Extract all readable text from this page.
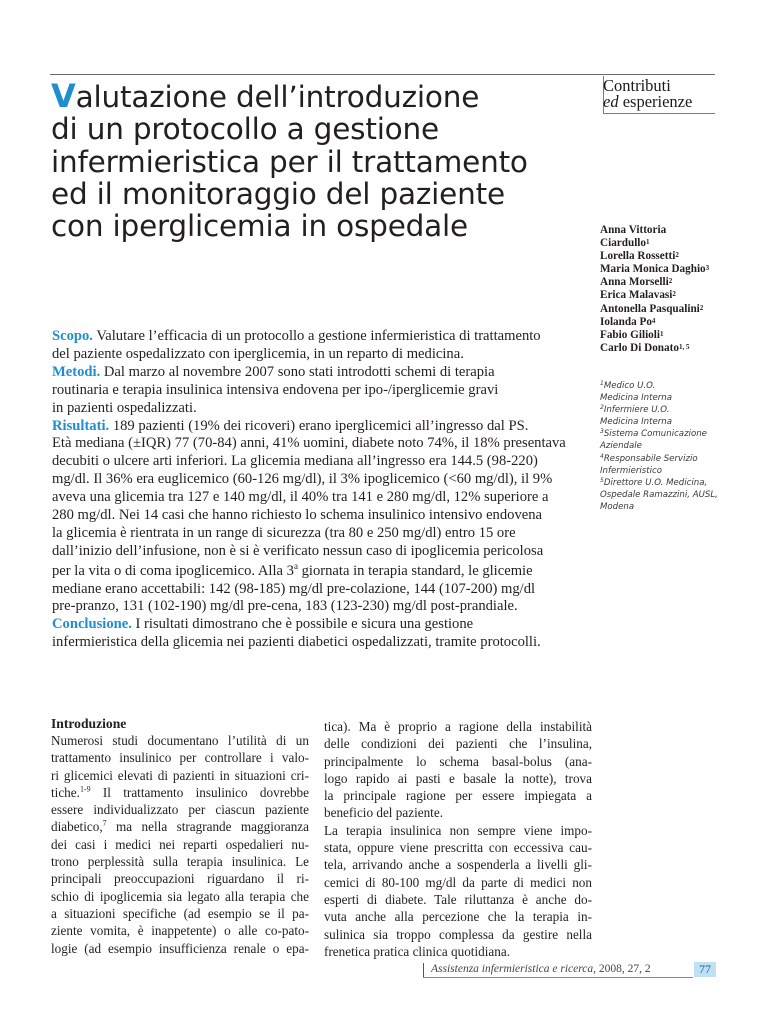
Contributi
ed esperienze
Valutazione dell’introduzione
di un protocollo a gestione
infermieristica per il trattamento
ed il monitoraggio del paziente
con iperglicemia in ospedale	Anna Vittoria
Ciardullo$^1$
Lorella Rossetti$^2$
Maria Monica Daghio$^3$
Anna Morselli$^2$
Erica Malavasi$^2$
Antonella Pasqualini$^2$
Iolanda Po$^4$
Fabio Gilioli$^1$
Carlo Di Donato$^{1, 5}$
$^1$Medico U.O.
Medicina Interna
$^2$Infermiere U.O.
Medicina Interna
$^3$Sistema Comunicazione
Aziendale
$^4$Responsabile Servizio
Infermieristico
$^5$Direttore U.O. Medicina,
Ospedale Ramazzini, AUSL,
Modena
Scopo. Valutare l’efficacia di un protocollo a gestione infermieristica di trattamento
del paziente ospedalizzato con iperglicemia, in un reparto di medicina.
Metodi. Dal marzo al novembre 2007 sono stati introdotti schemi di terapia
routinaria e terapia insulinica intensiva endovena per ipo-/iperglicemie gravi
in pazienti ospedalizzati.
Risultati. 189 pazienti (19% dei ricoveri) erano iperglicemici all’ingresso dal PS.
Età mediana (±IQR) 77 (70-84) anni, 41% uomini, diabete noto 74%, il 18% presentava
decubiti o ulcere arti inferiori. La glicemia mediana all’ingresso era 144.5 (98-220)
mg/dl. Il 36% era euglicemico (60-126 mg/dl), il 3% ipoglicemico (<60 mg/dl), il 9%
aveva una glicemia tra 127 e 140 mg/dl, il 40% tra 141 e 280 mg/dl, 12% superiore a
280 mg/dl. Nei 14 casi che hanno richiesto lo schema insulinico intensivo endovena
la glicemia è rientrata in un range di sicurezza (tra 80 e 250 mg/dl) entro 15 ore
dall’inizio dell’infusione, non è si è verificato nessun caso di ipoglicemia pericolosa
per la vita o di coma ipoglicemico. Alla 3$^a$ giornata in terapia standard, le glicemie
mediane erano accettabili: 142 (98-185) mg/dl pre-colazione, 144 (107-200) mg/dl
pre-pranzo, 131 (102-190) mg/dl pre-cena, 183 (123-230) mg/dl post-prandiale.
Conclusione. I risultati dimostrano che è possibile e sicura una gestione
infermieristica della glicemia nei pazienti diabetici ospedalizzati, tramite protocolli.
Introduzione
Numerosi studi documentano l’utilità di un
trattamento insulinico per controllare i valo-
ri glicemici elevati di pazienti in situazioni cri-
tiche.$^{1-9}$ Il trattamento insulinico dovrebbe
essere individualizzato per ciascun paziente
diabetico,$^7$ ma nella stragrande maggioranza
dei casi i medici nei reparti ospedalieri nu-
trono perplessità sulla terapia insulinica. Le
principali preoccupazioni riguardano il ri-
schio di ipoglicemia sia legato alla terapia che
a situazioni specifiche (ad esempio se il pa-
ziente vomita, è inappetente) o alle co-pato-
logie (ad esempio insufficienza renale o epa-
tica). Ma è proprio a ragione della instabilità
delle condizioni dei pazienti che l’insulina,
principalmente lo schema basal-bolus (ana-
logo rapido ai pasti e basale la notte), trova
la principale ragione per essere impiegata a
beneficio del paziente.
La terapia insulinica non sempre viene impo-
stata, oppure viene prescritta con eccessiva cau-
tela, arrivando anche a sospenderla a livelli gli-
cemici di 80-100 mg/dl da parte di medici non
esperti di diabete. Tale riluttanza è anche do-
vuta anche alla percezione che la terapia in-
sulinica sia troppo complessa da gestire nella
frenetica pratica clinica quotidiana.
Assistenza infermieristica e ricerca, 2008, 27, 2	77
